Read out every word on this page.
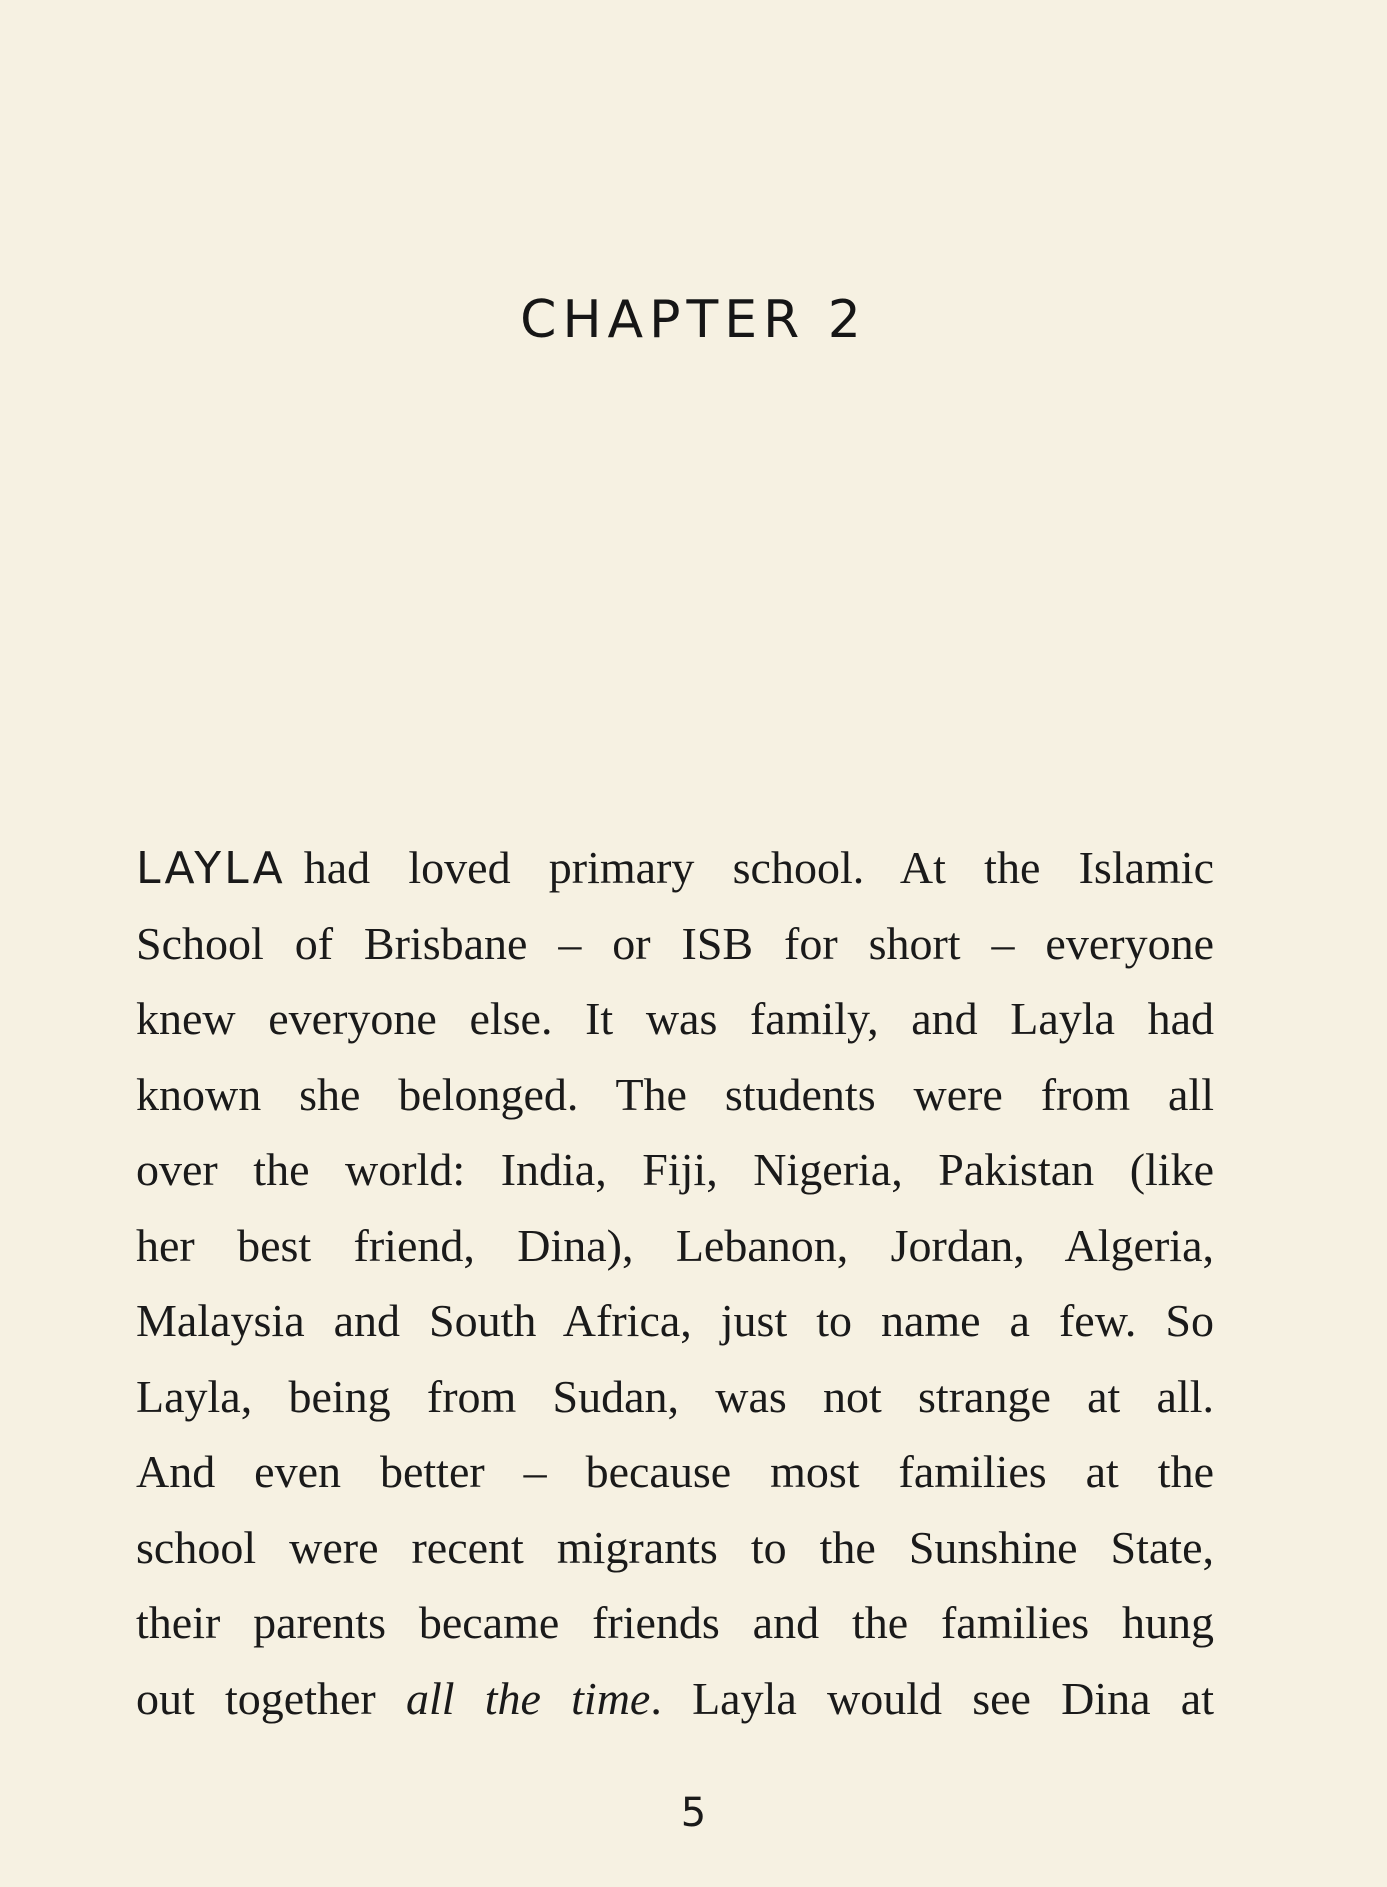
CHAPTER 2
LAYLA had loved primary school. At the Islamic
School of Brisbane – or ISB for short – everyone
knew everyone else. It was family, and Layla had
known she belonged. The students were from all
over the world: India, Fiji, Nigeria, Pakistan (like
her best friend, Dina), Lebanon, Jordan, Algeria,
Malaysia and South Africa, just to name a few. So
Layla, being from Sudan, was not strange at all.
And even better – because most families at the
school were recent migrants to the Sunshine State,
their parents became friends and the families hung
out together all the time. Layla would see Dina at
5
